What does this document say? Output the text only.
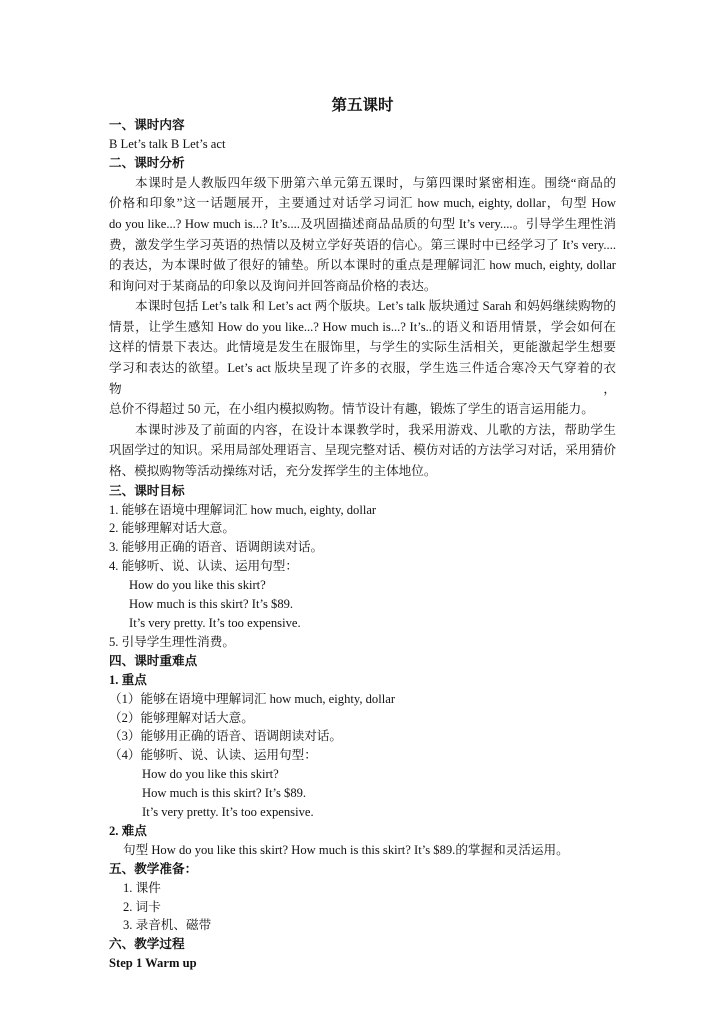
第五课时
一、课时内容
B Let’s talk B Let’s act
二、课时分析
本课时是人教版四年级下册第六单元第五课时，与第四课时紧密相连。围绕“商品的
价格和印象”这一话题展开，主要通过对话学习词汇 how much, eighty, dollar，句型 How
do you like...? How much is...? It’s....及巩固描述商品品质的句型 It’s very....。引导学生理性消
费，激发学生学习英语的热情以及树立学好英语的信心。第三课时中已经学习了 It’s very....
的表达，为本课时做了很好的铺垫。所以本课时的重点是理解词汇 how much, eighty, dollar
和询问对于某商品的印象以及询问并回答商品价格的表达。
本课时包括 Let’s talk 和 Let’s act 两个版块。Let’s talk 版块通过 Sarah 和妈妈继续购物的
情景，让学生感知 How do you like...? How much is...? It’s..的语义和语用情景，学会如何在
这样的情景下表达。此情境是发生在服饰里，与学生的实际生活相关，更能激起学生想要
学习和表达的欲望。Let’s act 版块呈现了许多的衣服，学生选三件适合寒冷天气穿着的衣物，
总价不得超过 50 元，在小组内模拟购物。情节设计有趣，锻炼了学生的语言运用能力。
本课时涉及了前面的内容，在设计本课教学时，我采用游戏、儿歌的方法，帮助学生
巩固学过的知识。采用局部处理语言、呈现完整对话、模仿对话的方法学习对话，采用猜价
格、模拟购物等活动操练对话，充分发挥学生的主体地位。
三、课时目标
1. 能够在语境中理解词汇 how much, eighty, dollar
2. 能够理解对话大意。
3. 能够用正确的语音、语调朗读对话。
4. 能够听、说、认读、运用句型：
How do you like this skirt?
How much is this skirt? It’s $89.
It’s very pretty. It’s too expensive.
5. 引导学生理性消费。
四、课时重难点
1. 重点
（1）能够在语境中理解词汇 how much, eighty, dollar
（2）能够理解对话大意。
（3）能够用正确的语音、语调朗读对话。
（4）能够听、说、认读、运用句型：
How do you like this skirt?
How much is this skirt? It’s $89.
It’s very pretty. It’s too expensive.
2. 难点
句型 How do you like this skirt? How much is this skirt? It’s $89.的掌握和灵活运用。
五、教学准备：
1. 课件
2. 词卡
3. 录音机、磁带
六、教学过程
Step 1 Warm up
